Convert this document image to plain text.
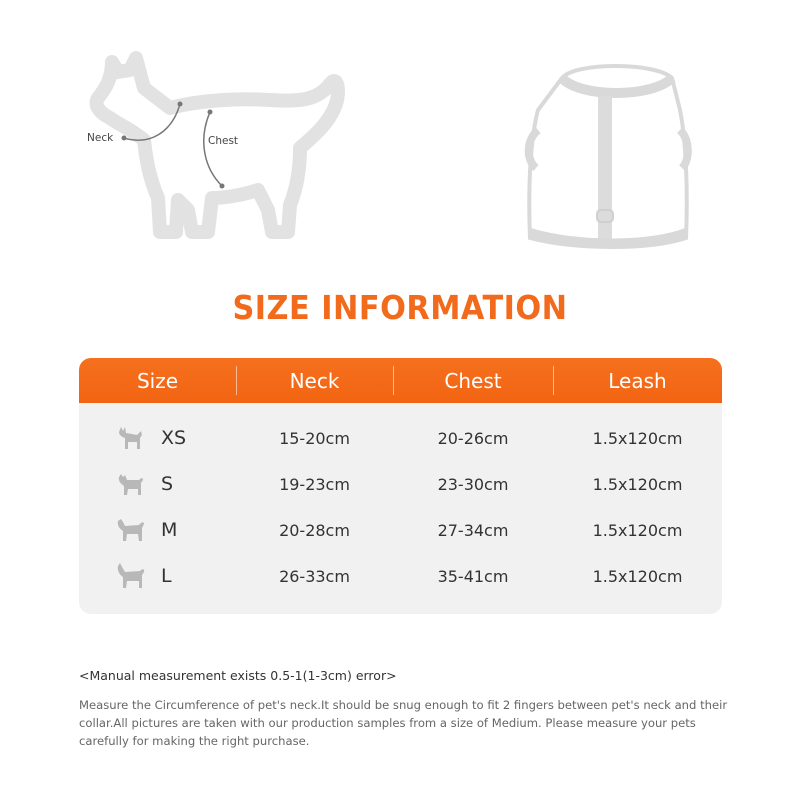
Neck	Chest
SIZE INFORMATION
Size	Neck	Chest	Leash
XS	15-20cm	20-26cm	1.5x120cm
S	19-23cm	23-30cm	1.5x120cm
M	20-28cm	27-34cm	1.5x120cm
L	26-33cm	35-41cm	1.5x120cm
<Manual measurement exists 0.5-1(1-3cm) error>
Measure the Circumference of pet's neck.It should be snug enough to fit 2 fingers between pet's neck and their collar.All pictures are taken with our production samples from a size of Medium. Please measure your pets carefully for making the right purchase.
